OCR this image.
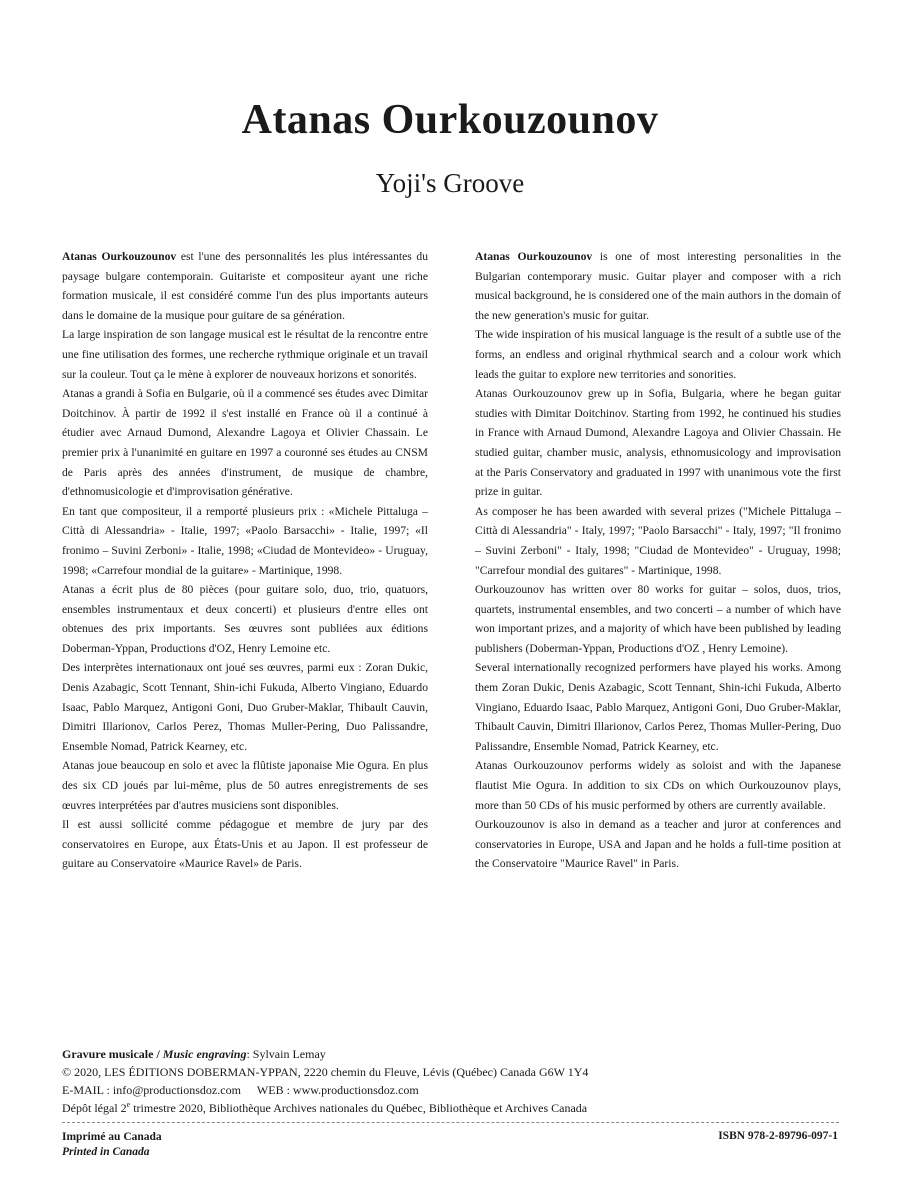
Atanas Ourkouzounov
Yoji's Groove

Atanas Ourkouzounov est l'une des personnalités les plus intéressantes du paysage bulgare contemporain. Guitariste et compositeur ayant une riche formation musicale, il est considéré comme l'un des plus importants auteurs dans le domaine de la musique pour guitare de sa génération.

La large inspiration de son langage musical est le résultat de la rencontre entre une fine utilisation des formes, une recherche rythmique originale et un travail sur la couleur. Tout ça le mène à explorer de nouveaux horizons et sonorités.

Atanas a grandi à Sofia en Bulgarie, où il a commencé ses études avec Dimitar Doitchinov. À partir de 1992 il s'est installé en France où il a continué à étudier avec Arnaud Dumond, Alexandre Lagoya et Olivier Chassain. Le premier prix à l'unanimité en guitare en 1997 a couronné ses études au CNSM de Paris après des années d'instrument, de musique de chambre, d'ethnomusicologie et d'improvisation générative.

En tant que compositeur, il a remporté plusieurs prix : «Michele Pittaluga – Città di Alessandria» - Italie, 1997; «Paolo Barsacchi» - Italie, 1997; «Il fronimo – Suvini Zerboni» - Italie, 1998; «Ciudad de Montevideo» - Uruguay, 1998; «Carrefour mondial de la guitare» - Martinique, 1998.

Atanas a écrit plus de 80 pièces (pour guitare solo, duo, trio, quatuors, ensembles instrumentaux et deux concerti) et plusieurs d'entre elles ont obtenues des prix importants. Ses œuvres sont publiées aux éditions Doberman-Yppan, Productions d'OZ, Henry Lemoine etc.

Des interprètes internationaux ont joué ses œuvres, parmi eux : Zoran Dukic, Denis Azabagic, Scott Tennant, Shin-ichi Fukuda, Alberto Vingiano, Eduardo Isaac, Pablo Marquez, Antigoni Goni, Duo Gruber-Maklar, Thibault Cauvin, Dimitri Illarionov, Carlos Perez, Thomas Muller-Pering, Duo Palissandre, Ensemble Nomad, Patrick Kearney, etc.

Atanas joue beaucoup en solo et avec la flûtiste japonaise Mie Ogura. En plus des six CD joués par lui-même, plus de 50 autres enregistrements de ses œuvres interprétées par d'autres musiciens sont disponibles.

Il est aussi sollicité comme pédagogue et membre de jury par des conservatoires en Europe, aux États-Unis et au Japon. Il est professeur de guitare au Conservatoire «Maurice Ravel» de Paris.

Atanas Ourkouzounov is one of most interesting personalities in the Bulgarian contemporary music. Guitar player and composer with a rich musical background, he is considered one of the main authors in the domain of the new generation's music for guitar.

The wide inspiration of his musical language is the result of a subtle use of the forms, an endless and original rhythmical search and a colour work which leads the guitar to explore new territories and sonorities.

Atanas Ourkouzounov grew up in Sofia, Bulgaria, where he began guitar studies with Dimitar Doitchinov. Starting from 1992, he continued his studies in France with Arnaud Dumond, Alexandre Lagoya and Olivier Chassain. He studied guitar, chamber music, analysis, ethnomusicology and improvisation at the Paris Conservatory and graduated in 1997 with unanimous vote the first prize in guitar.

As composer he has been awarded with several prizes ("Michele Pittaluga – Città di Alessandria" - Italy, 1997; "Paolo Barsacchi" - Italy, 1997; "Il fronimo – Suvini Zerboni" - Italy, 1998; "Ciudad de Montevideo" - Uruguay, 1998; "Carrefour mondial des guitares" - Martinique, 1998.

Ourkouzounov has written over 80 works for guitar – solos, duos, trios, quartets, instrumental ensembles, and two concerti – a number of which have won important prizes, and a majority of which have been published by leading publishers (Doberman-Yppan, Productions d'OZ , Henry Lemoine).

Several internationally recognized performers have played his works. Among them Zoran Dukic, Denis Azabagic, Scott Tennant, Shin-ichi Fukuda, Alberto Vingiano, Eduardo Isaac, Pablo Marquez, Antigoni Goni, Duo Gruber-Maklar, Thibault Cauvin, Dimitri Illarionov, Carlos Perez, Thomas Muller-Pering, Duo Palissandre, Ensemble Nomad, Patrick Kearney, etc.

Atanas Ourkouzounov performs widely as soloist and with the Japanese flautist Mie Ogura. In addition to six CDs on which Ourkouzounov plays, more than 50 CDs of his music performed by others are currently available.

Ourkouzounov is also in demand as a teacher and juror at conferences and conservatories in Europe, USA and Japan and he holds a full-time position at the Conservatoire "Maurice Ravel" in Paris.

Gravure musicale / Music engraving: Sylvain Lemay
© 2020, LES ÉDITIONS DOBERMAN-YPPAN, 2220 chemin du Fleuve, Lévis (Québec) Canada G6W 1Y4
E-MAIL : info@productionsdoz.com WEB : www.productionsdoz.com
Dépôt légal 2e trimestre 2020, Bibliothèque Archives nationales du Québec, Bibliothèque et Archives Canada
Imprimé au Canada
Printed in Canada
ISBN 978-2-89796-097-1
